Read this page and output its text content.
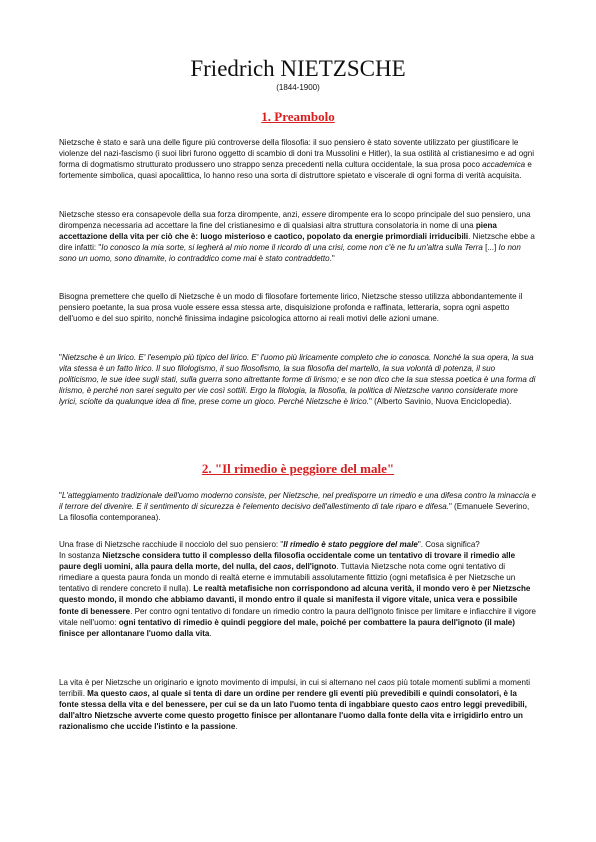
Friedrich NIETZSCHE
(1844-1900)
1. Preambolo

Nietzsche è stato e sarà una delle figure più controverse della filosofia: il suo pensiero è stato sovente utilizzato per giustificare le violenze del nazi-fascismo (i suoi libri furono oggetto di scambio di doni tra Mussolini e Hitler), la sua ostilità al cristianesimo e ad ogni forma di dogmatismo strutturato produssero uno strappo senza precedenti nella cultura occidentale, la sua prosa poco accademica e fortemente simbolica, quasi apocalittica, lo hanno reso una sorta di distruttore spietato e viscerale di ogni forma di verità acquisita.

Nietzsche stesso era consapevole della sua forza dirompente, anzi, essere dirompente era lo scopo principale del suo pensiero, una dirompenza necessaria ad accettare la fine del cristianesimo e di qualsiasi altra struttura consolatoria in nome di una piena accettazione della vita per ciò che è: luogo misterioso e caotico, popolato da energie primordiali irriducibili. Nietzsche ebbe a dire infatti: "Io conosco la mia sorte, si legherà al mio nome il ricordo di una crisi, come non c'è ne fu un'altra sulla Terra [...] Io non sono un uomo, sono dinamite, io contraddico come mai è stato contraddetto."

Bisogna premettere che quello di Nietzsche è un modo di filosofare fortemente lirico, Nietzsche stesso utilizza abbondantemente il pensiero poetante, la sua prosa vuole essere essa stessa arte, disquisizione profonda e raffinata, letteraria, sopra ogni aspetto dell'uomo e del suo spirito, nonché finissima indagine psicologica attorno ai reali motivi delle azioni umane.

"Nietzsche è un lirico. E' l'esempio più tipico del lirico. E' l'uomo più liricamente completo che io conosca. Nonché la sua opera, la sua vita stessa è un fatto lirico. Il suo filologismo, il suo filosofismo, la sua filosofia del martello, la sua volontà di potenza, il suo politicismo, le sue idee sugli stati, sulla guerra sono altrettante forme di lirismo; e se non dico che la sua stessa poetica è una forma di lirismo, è perché non sarei seguito per vie così sottili. Ergo la filologia, la filosofia, la politica di Nietzsche vanno considerate more lyrici, sciolte da qualunque idea di fine, prese come un gioco. Perché Nietzsche è lirico." (Alberto Savinio, Nuova Enciclopedia).

2. "Il rimedio è peggiore del male"

"L'atteggiamento tradizionale dell'uomo moderno consiste, per Nietzsche, nel predisporre un rimedio e una difesa contro la minaccia e il terrore del divenire. E il sentimento di sicurezza è l'elemento decisivo dell'allestimento di tale riparo e difesa." (Emanuele Severino, La filosofia contemporanea).

Una frase di Nietzsche racchiude il nocciolo del suo pensiero: "Il rimedio è stato peggiore del male". Cosa significa?
In sostanza Nietzsche considera tutto il complesso della filosofia occidentale come un tentativo di trovare il rimedio alle paure degli uomini, alla paura della morte, del nulla, del caos, dell'ignoto. Tuttavia Nietzsche nota come ogni tentativo di rimediare a questa paura fonda un mondo di realtà eterne e immutabili assolutamente fittizio (ogni metafisica è per Nietzsche un tentativo di rendere concreto il nulla). Le realtà metafisiche non corrispondono ad alcuna verità, il mondo vero è per Nietzsche questo mondo, il mondo che abbiamo davanti, il mondo entro il quale si manifesta il vigore vitale, unica vera e possibile fonte di benessere. Per contro ogni tentativo di fondare un rimedio contro la paura dell'ignoto finisce per limitare e infiacchire il vigore vitale nell'uomo: ogni tentativo di rimedio è quindi peggiore del male, poiché per combattere la paura dell'ignoto (il male) finisce per allontanare l'uomo dalla vita.

La vita è per Nietzsche un originario e ignoto movimento di impulsi, in cui si alternano nel caos più totale momenti sublimi a momenti terribili. Ma questo caos, al quale si tenta di dare un ordine per rendere gli eventi più prevedibili e quindi consolatori, è la fonte stessa della vita e del benessere, per cui se da un lato l'uomo tenta di ingabbiare questo caos entro leggi prevedibili, dall'altro Nietzsche avverte come questo progetto finisce per allontanare l'uomo dalla fonte della vita e irrigidirlo entro un razionalismo che uccide l'istinto e la passione.
